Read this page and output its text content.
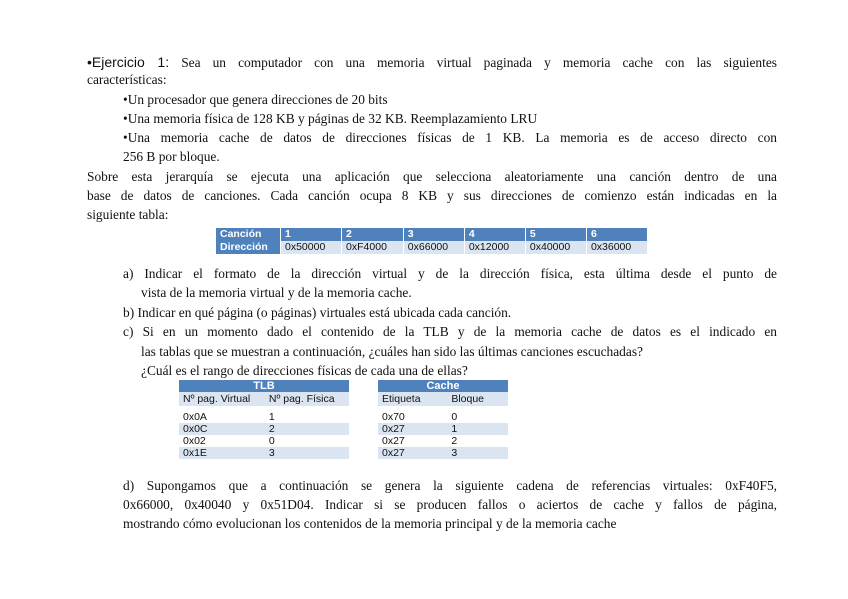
•Ejercicio 1: Sea un computador con una memoria virtual paginada y memoria cache con las siguientes
características:
•Un procesador que genera direcciones de 20 bits
•Una memoria física de 128 KB y páginas de 32 KB. Reemplazamiento LRU
•Una memoria cache de datos de direcciones físicas de 1 KB. La memoria es de acceso directo con
256 B por bloque.
Sobre esta jerarquía se ejecuta una aplicación que selecciona aleatoriamente una canción dentro de una
base de datos de canciones. Cada canción ocupa 8 KB y sus direcciones de comienzo están indicadas en la
siguiente tabla:
Canción	1	2	3	4	5	6
Dirección	0x50000	0xF4000	0x66000	0x12000	0x40000	0x36000
a) Indicar el formato de la dirección virtual y de la dirección física, esta última desde el punto de
vista de la memoria virtual y de la memoria cache.
b) Indicar en qué página (o páginas) virtuales está ubicada cada canción.
c) Si en un momento dado el contenido de la TLB y de la memoria cache de datos es el indicado en
las tablas que se muestran a continuación, ¿cuáles han sido las últimas canciones escuchadas?
¿Cuál es el rango de direcciones físicas de cada una de ellas?
TLB	
Nº pag. Virtual	Nº pag. Física

0x0A	1
0x0C	2
0x02	0
0x1E	3
Cache	
Etiqueta	Bloque

0x70	0
0x27	1
0x27	2
0x27	3
d) Supongamos que a continuación se genera la siguiente cadena de referencias virtuales: 0xF40F5,
0x66000, 0x40040 y 0x51D04. Indicar si se producen fallos o aciertos de cache y fallos de página,
mostrando cómo evolucionan los contenidos de la memoria principal y de la memoria cache
